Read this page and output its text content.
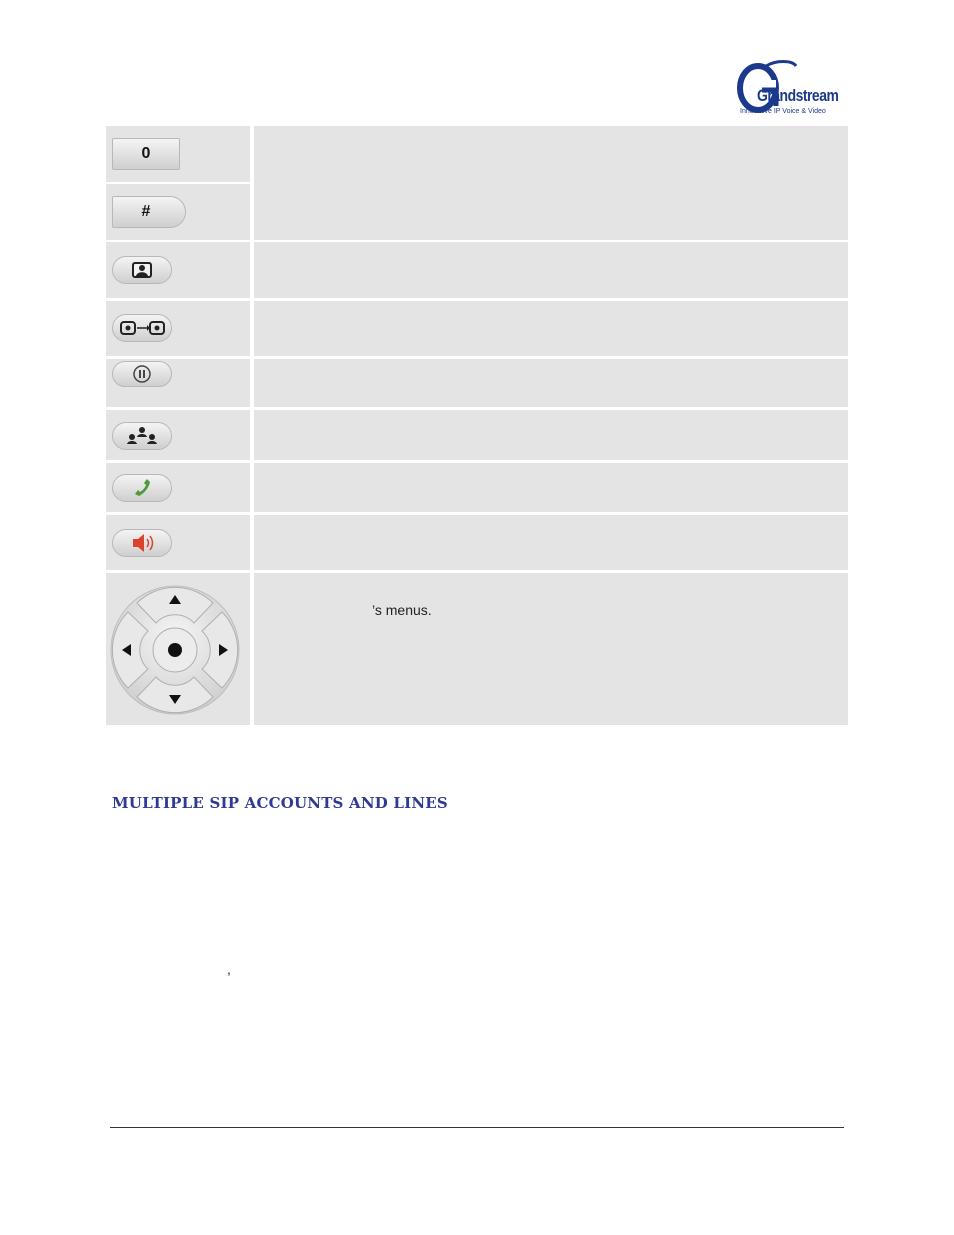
Grandstream
Innovative IP Voice & Video
0
#
’s menus.
MULTIPLE SIP ACCOUNTS AND LINES
,
